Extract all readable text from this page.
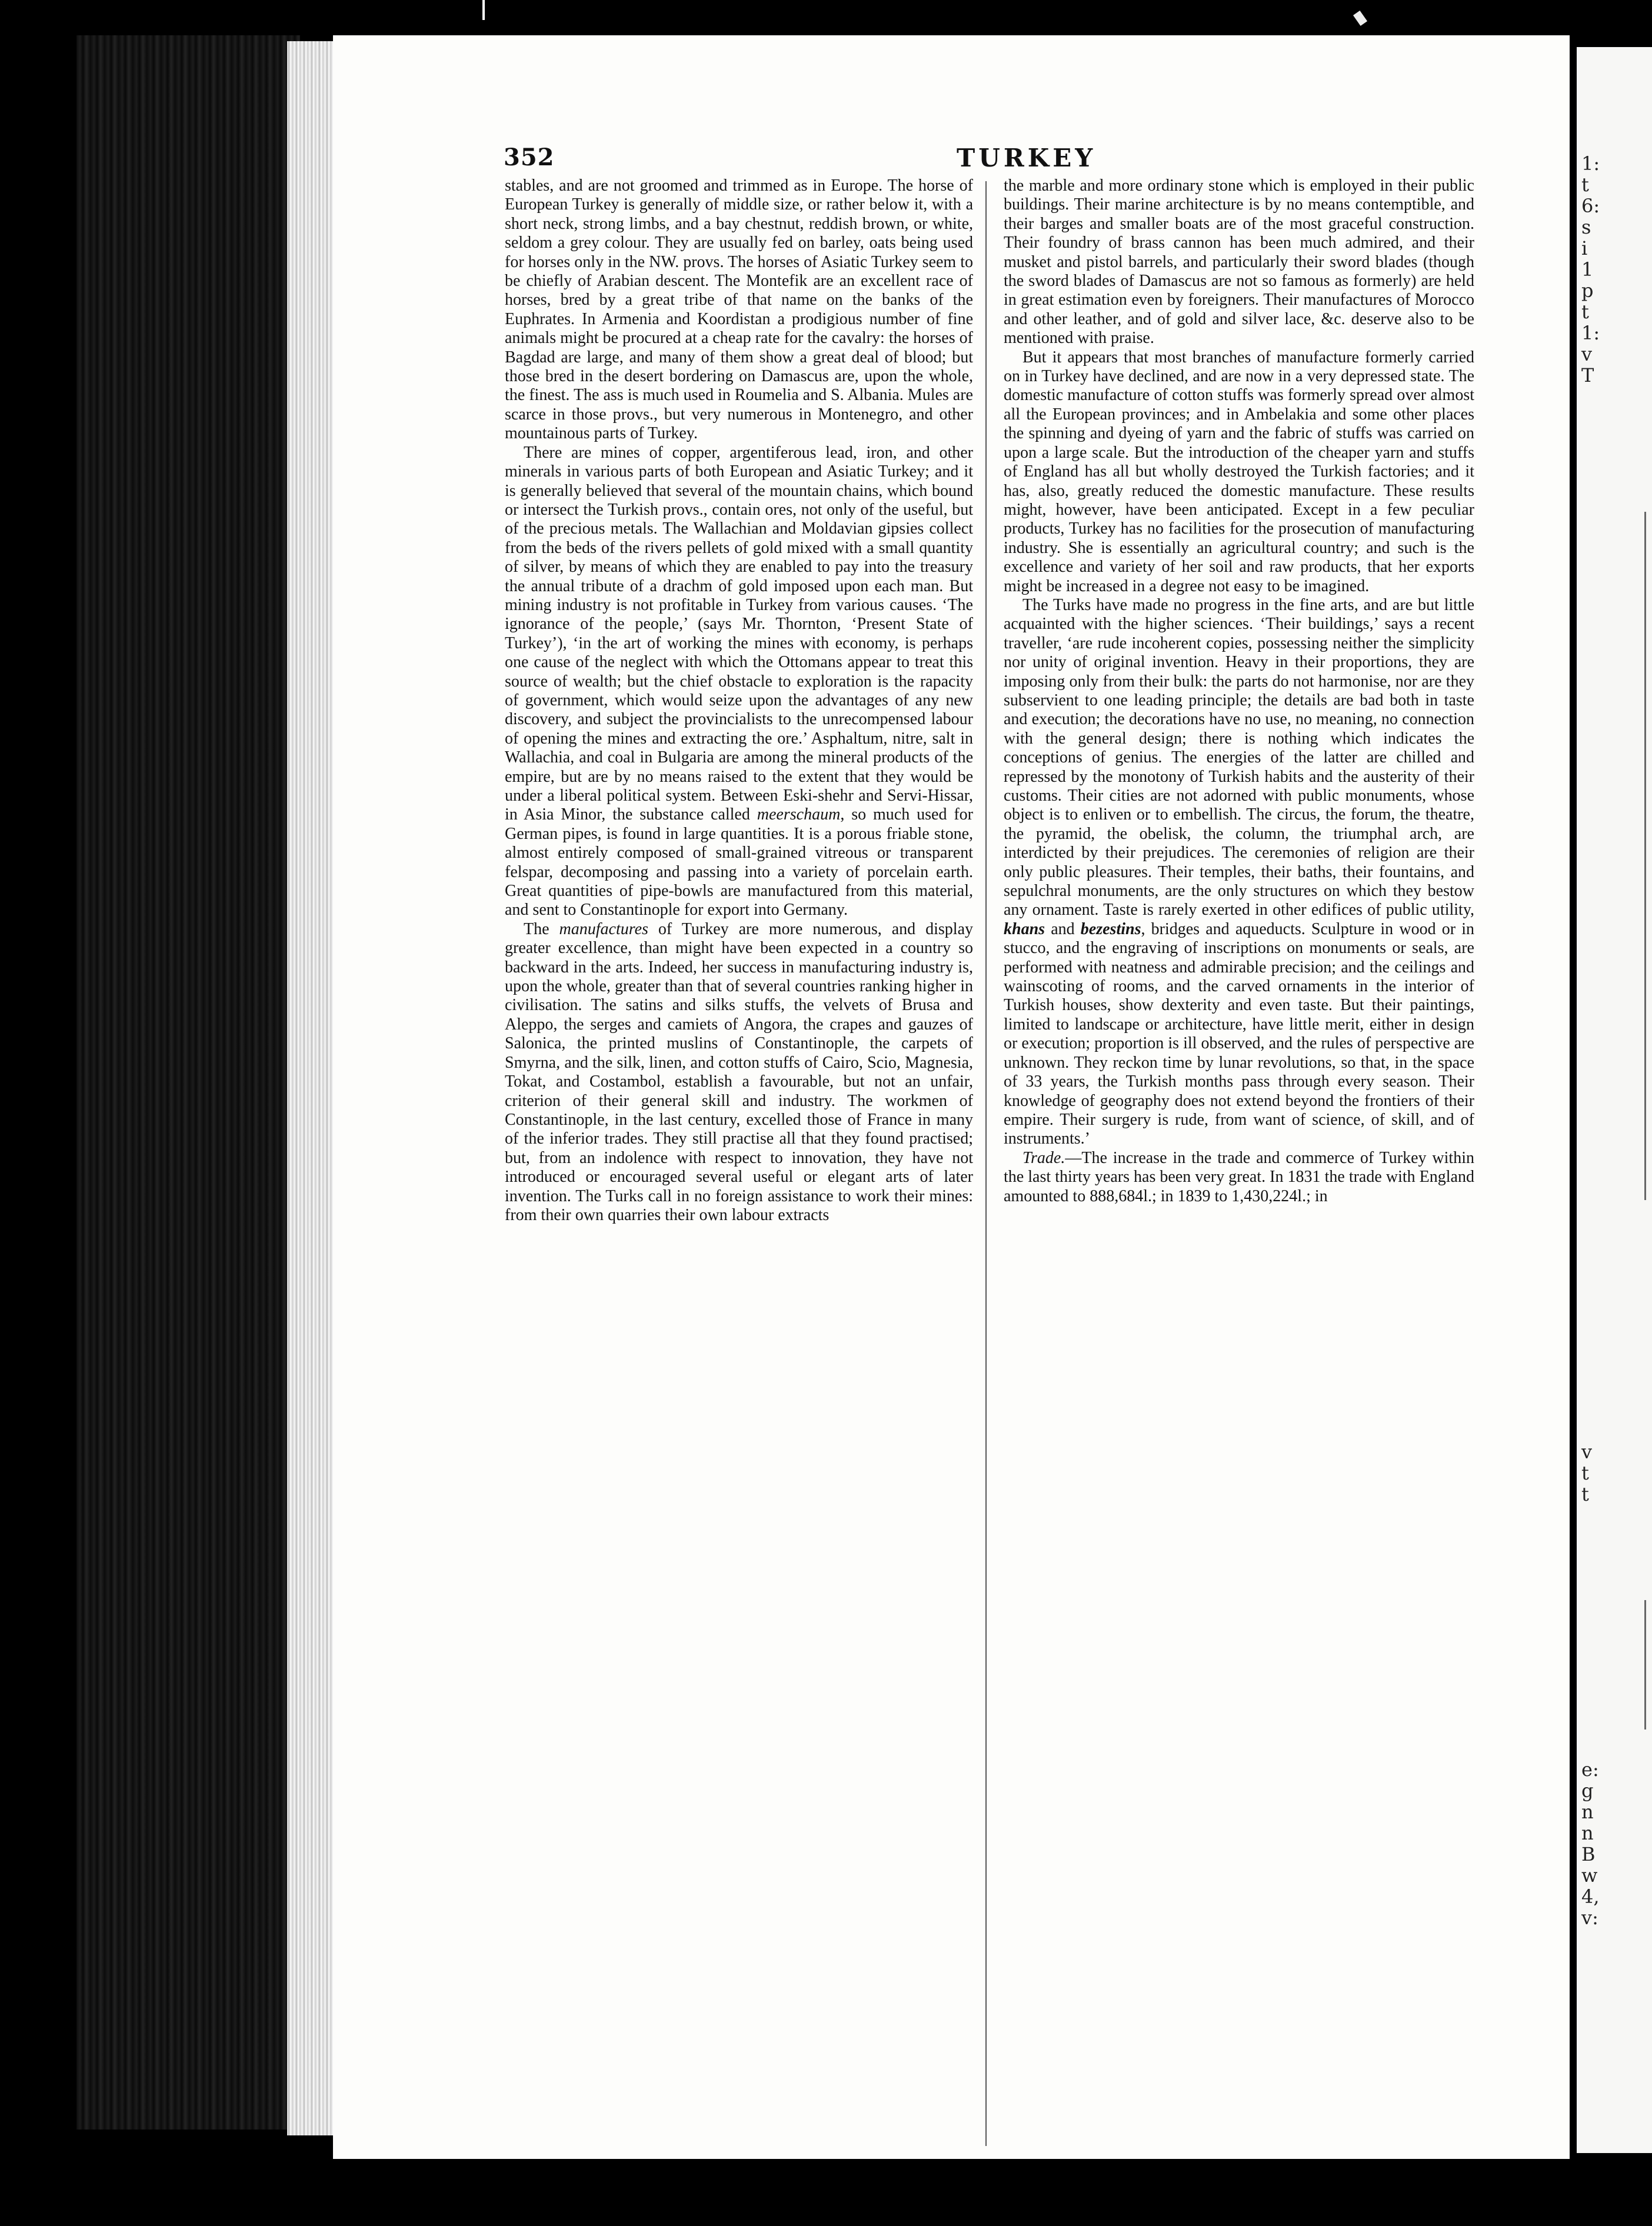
352	TURKEY

stables, and are not groomed and trimmed as in Europe. The horse of European Turkey is generally of middle size, or rather below it, with a short neck, strong limbs, and a bay chestnut, reddish brown, or white, seldom a grey colour. They are usually fed on barley, oats being used for horses only in the NW. provs. The horses of Asiatic Turkey seem to be chiefly of Arabian descent. The Montefik are an excellent race of horses, bred by a great tribe of that name on the banks of the Euphrates. In Armenia and Koordistan a prodigious number of fine animals might be procured at a cheap rate for the cavalry: the horses of Bagdad are large, and many of them show a great deal of blood; but those bred in the desert bordering on Damascus are, upon the whole, the finest. The ass is much used in Roumelia and S. Albania. Mules are scarce in those provs., but very numerous in Montenegro, and other mountainous parts of Turkey.

There are mines of copper, argentiferous lead, iron, and other minerals in various parts of both European and Asiatic Turkey; and it is generally believed that several of the mountain chains, which bound or intersect the Turkish provs., contain ores, not only of the useful, but of the precious metals. The Wallachian and Moldavian gipsies collect from the beds of the rivers pellets of gold mixed with a small quantity of silver, by means of which they are enabled to pay into the treasury the annual tribute of a drachm of gold imposed upon each man. But mining industry is not profitable in Turkey from various causes. ‘The ignorance of the people,’ (says Mr. Thornton, ‘Present State of Turkey’), ‘in the art of working the mines with economy, is perhaps one cause of the neglect with which the Ottomans appear to treat this source of wealth; but the chief obstacle to exploration is the rapacity of government, which would seize upon the advantages of any new discovery, and subject the provincialists to the unrecompensed labour of opening the mines and extracting the ore.’ Asphaltum, nitre, salt in Wallachia, and coal in Bulgaria are among the mineral products of the empire, but are by no means raised to the extent that they would be under a liberal political system. Between Eski-shehr and Servi-Hissar, in Asia Minor, the substance called meerschaum, so much used for German pipes, is found in large quantities. It is a porous friable stone, almost entirely composed of small-grained vitreous or transparent felspar, decomposing and passing into a variety of porcelain earth. Great quantities of pipe-bowls are manufactured from this material, and sent to Constantinople for export into Germany.

The manufactures of Turkey are more numerous, and display greater excellence, than might have been expected in a country so backward in the arts. Indeed, her success in manufacturing industry is, upon the whole, greater than that of several countries ranking higher in civilisation. The satins and silks stuffs, the velvets of Brusa and Aleppo, the serges and camiets of Angora, the crapes and gauzes of Salonica, the printed muslins of Constantinople, the carpets of Smyrna, and the silk, linen, and cotton stuffs of Cairo, Scio, Magnesia, Tokat, and Costambol, establish a favourable, but not an unfair, criterion of their general skill and industry. The workmen of Constantinople, in the last century, excelled those of France in many of the inferior trades. They still practise all that they found practised; but, from an indolence with respect to innovation, they have not introduced or encouraged several useful or elegant arts of later invention. The Turks call in no foreign assistance to work their mines: from their own quarries their own labour extracts

the marble and more ordinary stone which is employed in their public buildings. Their marine architecture is by no means contemptible, and their barges and smaller boats are of the most graceful construction. Their foundry of brass cannon has been much admired, and their musket and pistol barrels, and particularly their sword blades (though the sword blades of Damascus are not so famous as formerly) are held in great estimation even by foreigners. Their manufactures of Morocco and other leather, and of gold and silver lace, &c. deserve also to be mentioned with praise.

But it appears that most branches of manufacture formerly carried on in Turkey have declined, and are now in a very depressed state. The domestic manufacture of cotton stuffs was formerly spread over almost all the European provinces; and in Ambelakia and some other places the spinning and dyeing of yarn and the fabric of stuffs was carried on upon a large scale. But the introduction of the cheaper yarn and stuffs of England has all but wholly destroyed the Turkish factories; and it has, also, greatly reduced the domestic manufacture. These results might, however, have been anticipated. Except in a few peculiar products, Turkey has no facilities for the prosecution of manufacturing industry. She is essentially an agricultural country; and such is the excellence and variety of her soil and raw products, that her exports might be increased in a degree not easy to be imagined.

The Turks have made no progress in the fine arts, and are but little acquainted with the higher sciences. ‘Their buildings,’ says a recent traveller, ‘are rude incoherent copies, possessing neither the simplicity nor unity of original invention. Heavy in their proportions, they are imposing only from their bulk: the parts do not harmonise, nor are they subservient to one leading principle; the details are bad both in taste and execution; the decorations have no use, no meaning, no connection with the general design; there is nothing which indicates the conceptions of genius. The energies of the latter are chilled and repressed by the monotony of Turkish habits and the austerity of their customs. Their cities are not adorned with public monuments, whose object is to enliven or to embellish. The circus, the forum, the theatre, the pyramid, the obelisk, the column, the triumphal arch, are interdicted by their prejudices. The ceremonies of religion are their only public pleasures. Their temples, their baths, their fountains, and sepulchral monuments, are the only structures on which they bestow any ornament. Taste is rarely exerted in other edifices of public utility, khans and bezestins, bridges and aqueducts. Sculpture in wood or in stucco, and the engraving of inscriptions on monuments or seals, are performed with neatness and admirable precision; and the ceilings and wainscoting of rooms, and the carved ornaments in the interior of Turkish houses, show dexterity and even taste. But their paintings, limited to landscape or architecture, have little merit, either in design or execution; proportion is ill observed, and the rules of perspective are unknown. They reckon time by lunar revolutions, so that, in the space of 33 years, the Turkish months pass through every season. Their knowledge of geography does not extend beyond the frontiers of their empire. Their surgery is rude, from want of science, of skill, and of instruments.’

Trade.—The increase in the trade and commerce of Turkey within the last thirty years has been very great. In 1831 the trade with England amounted to 888,684l.; in 1839 to 1,430,224l.; in

1:
t
6:
s
i
1
p
t
1:
v
T
v
t
t
e:
g
n
n
B
w
4,
v:
